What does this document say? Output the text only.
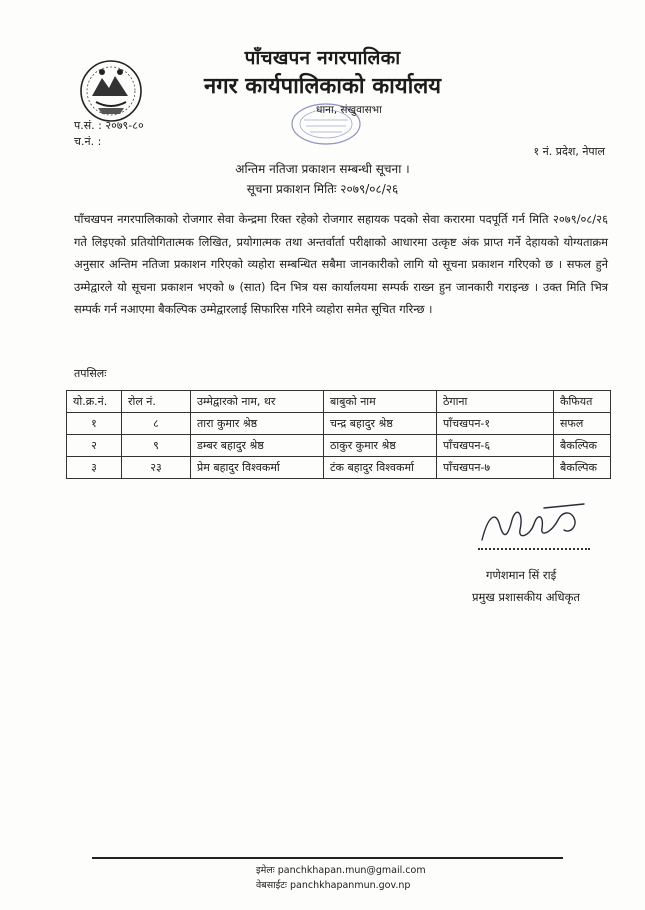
पाँचखपन नगरपालिका
नगर कार्यपालिकाको कार्यालय
धाना, संखुवासभा
प.सं. : २०७९-८०
च.नं. :
१ नं. प्रदेश, नेपाल
अन्तिम नतिजा प्रकाशन सम्बन्धी सूचना ।
सूचना प्रकाशन मितिः २०७९/०८/२६

पाँचखपन नगरपालिकाको रोजगार सेवा केन्द्रमा रिक्त रहेको रोजगार सहायक पदको सेवा करारमा पदपूर्ति गर्न मिति २०७९/०८/२६ गते लिइएको प्रतियोगितात्मक लिखित, प्रयोगात्मक तथा अन्तर्वार्ता परीक्षाको आधारमा उत्कृष्ट अंक प्राप्त गर्ने देहायको योग्यताक्रम अनुसार अन्तिम नतिजा प्रकाशन गरिएको व्यहोरा सम्बन्धित सबैमा जानकारीको लागि यो सूचना प्रकाशन गरिएको छ । सफल हुने उम्मेद्वारले यो सूचना प्रकाशन भएको ७ (सात) दिन भित्र यस कार्यालयमा सम्पर्क राख्न हुन जानकारी गराइन्छ । उक्त मिति भित्र सम्पर्क गर्न नआएमा बैकल्पिक उम्मेद्वारलाई सिफारिस गरिने व्यहोरा समेत सूचित गरिन्छ ।

तपसिलः
यो.क्र.नं.	रोल नं.	उम्मेद्वारको नाम, थर	बाबुको नाम	ठेगाना	कैफियत
१	८	तारा कुमार श्रेष्ठ	चन्द्र बहादुर श्रेष्ठ	पाँचखपन-१	सफल
२	९	डम्बर बहादुर श्रेष्ठ	ठाकुर कुमार श्रेष्ठ	पाँचखपन-६	बैकल्पिक
३	२३	प्रेम बहादुर विश्वकर्मा	टंक बहादुर विश्वकर्मा	पाँचखपन-७	बैकल्पिक
गणेशमान सिं राई
प्रमुख प्रशासकीय अधिकृत
इमेलः panchkhapan.mun@gmail.com
वेबसाईटः panchkhapanmun.gov.np
